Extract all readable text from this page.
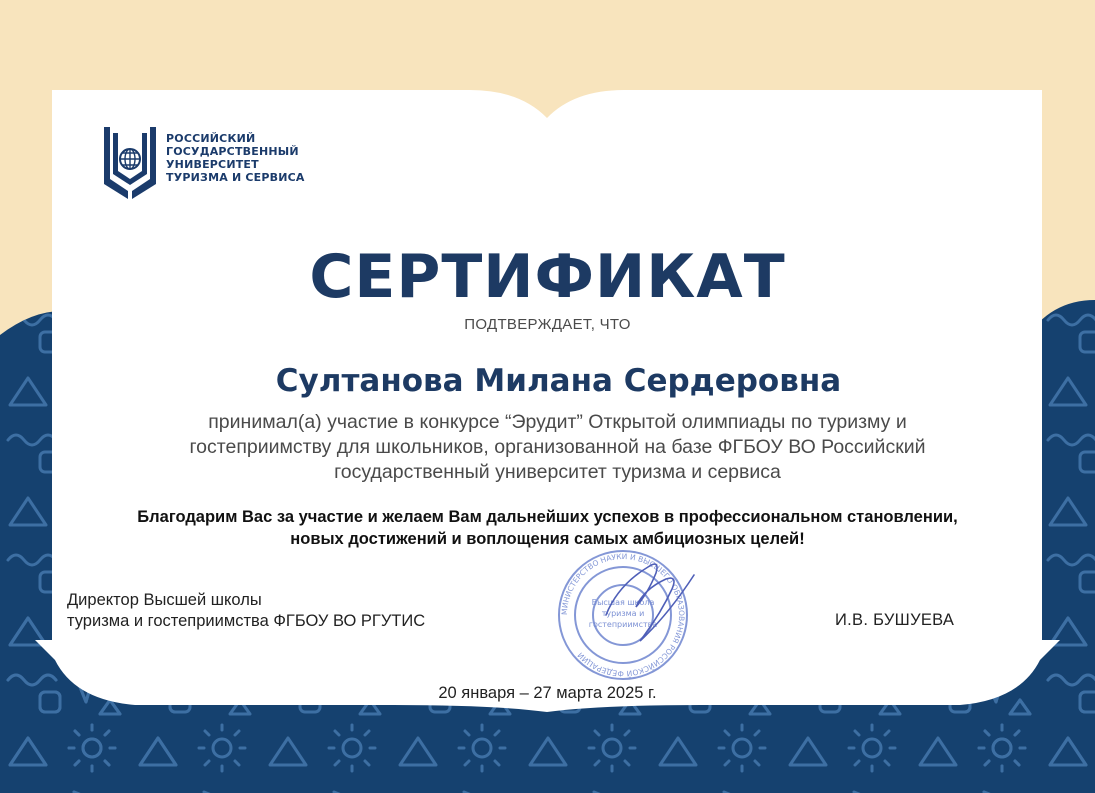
РОССИЙСКИЙ
ГОСУДАРСТВЕННЫЙ
УНИВЕРСИТЕТ
ТУРИЗМА И СЕРВИСА
СЕРТИФИКАТ
ПОДТВЕРЖДАЕТ, ЧТО
Султанова Милана Сердеровна
принимал(а) участие в конкурсе “Эрудит” Открытой олимпиады по туризму и
гостеприимству для школьников, организованной на базе ФГБОУ ВО Российский
государственный университет туризма и сервиса
Благодарим Вас за участие и желаем Вам дальнейших успехов в профессиональном становлении,
новых достижений и воплощения самых амбициозных целей!
Директор Высшей школы
туризма и гостеприимства ФГБОУ ВО РГУТИС
МИНИСТЕРСТВО НАУКИ И ВЫСШЕГО ОБРАЗОВАНИЯ РОССИЙСКОЙ ФЕДЕРАЦИИ
Высшая школа
туризма и
гостеприимства	И.В. БУШУЕВА
20 января – 27 марта 2025 г.
